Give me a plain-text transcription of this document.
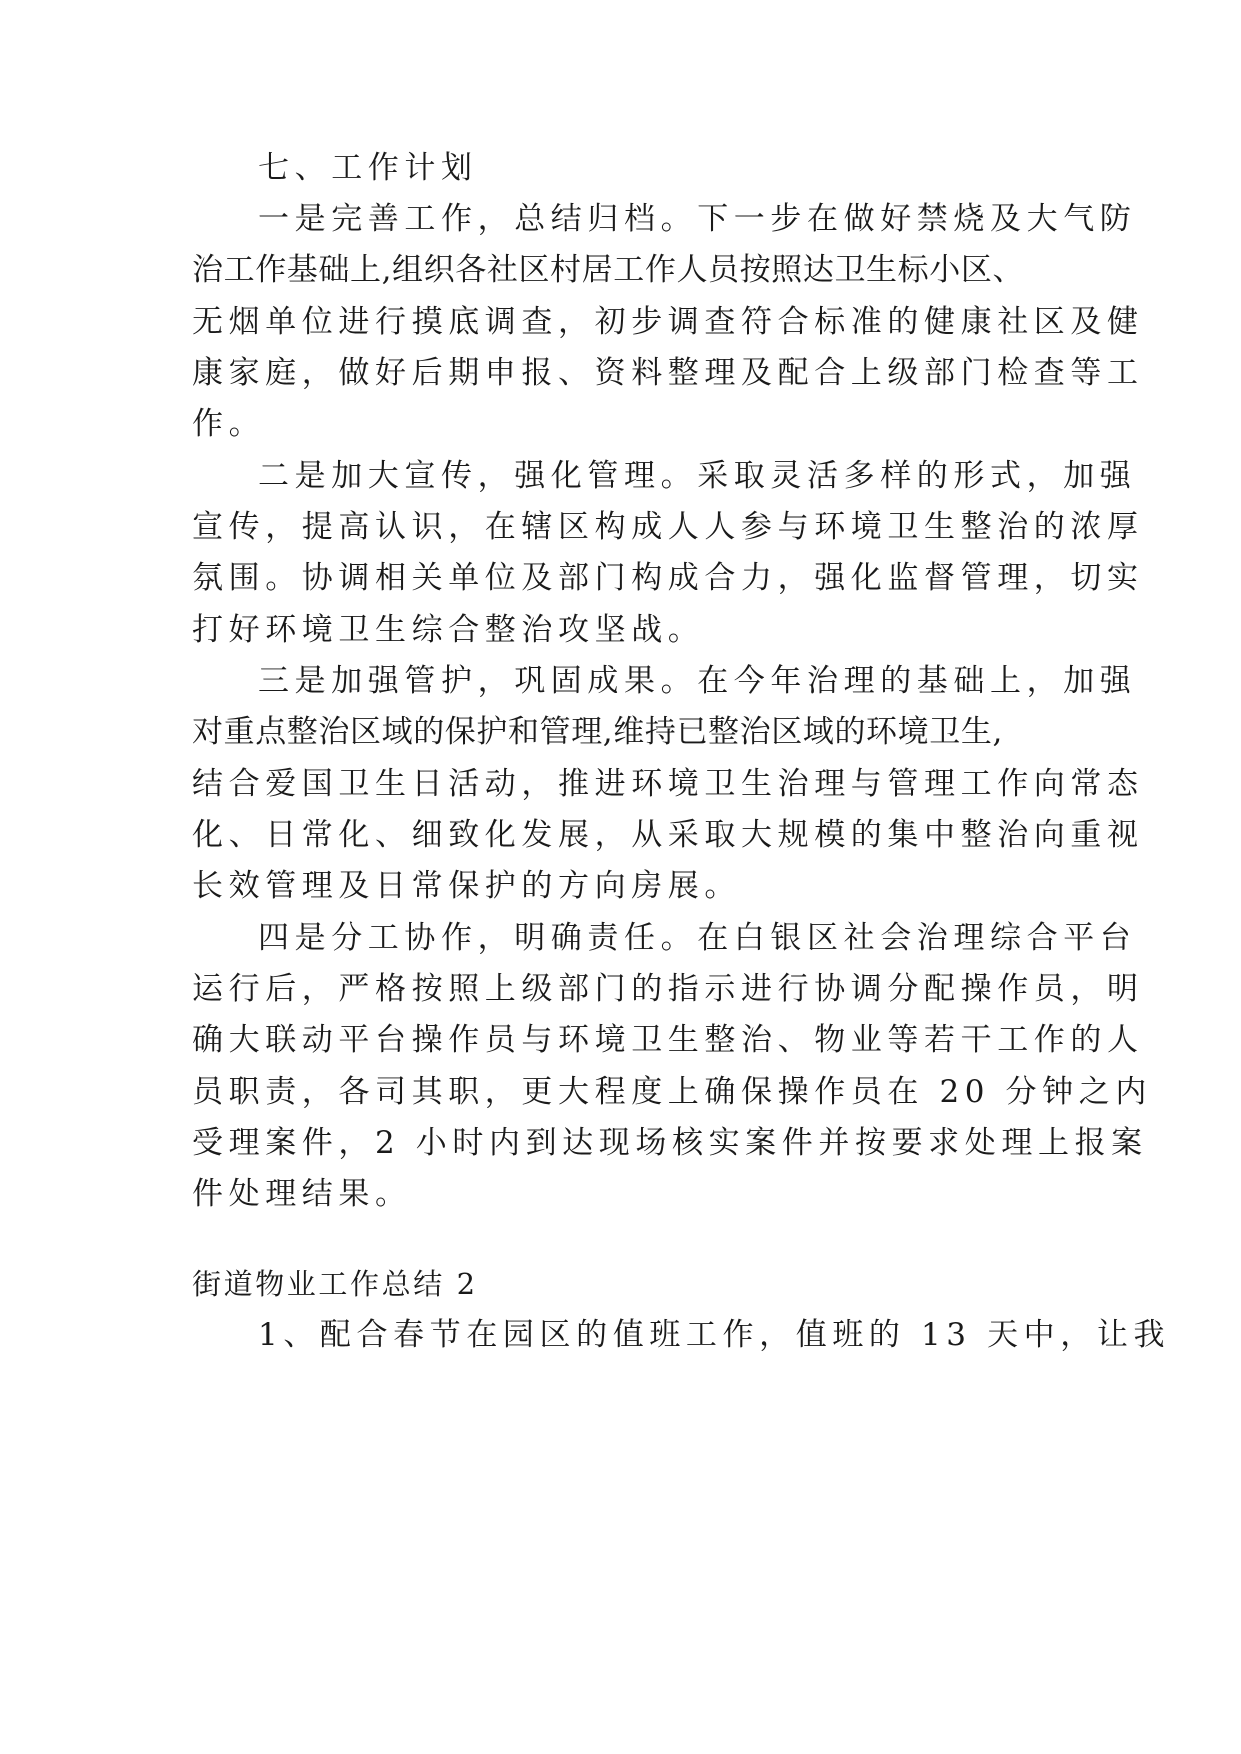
七、工作计划
一是完善工作，总结归档。下一步在做好禁烧及大气防
治工作基础上,组织各社区村居工作人员按照达卫生标小区、
无烟单位进行摸底调查，初步调查符合标准的健康社区及健
康家庭，做好后期申报、资料整理及配合上级部门检查等工
作。
二是加大宣传，强化管理。采取灵活多样的形式，加强
宣传，提高认识，在辖区构成人人参与环境卫生整治的浓厚
氛围。协调相关单位及部门构成合力，强化监督管理，切实
打好环境卫生综合整治攻坚战。
三是加强管护，巩固成果。在今年治理的基础上，加强
对重点整治区域的保护和管理,维持已整治区域的环境卫生,
结合爱国卫生日活动，推进环境卫生治理与管理工作向常态
化、日常化、细致化发展，从采取大规模的集中整治向重视
长效管理及日常保护的方向房展。
四是分工协作，明确责任。在白银区社会治理综合平台
运行后，严格按照上级部门的指示进行协调分配操作员，明
确大联动平台操作员与环境卫生整治、物业等若干工作的人
员职责，各司其职，更大程度上确保操作员在 20 分钟之内
受理案件，2 小时内到达现场核实案件并按要求处理上报案
件处理结果。
街道物业工作总结 2
1、配合春节在园区的值班工作，值班的 13 天中，让我
